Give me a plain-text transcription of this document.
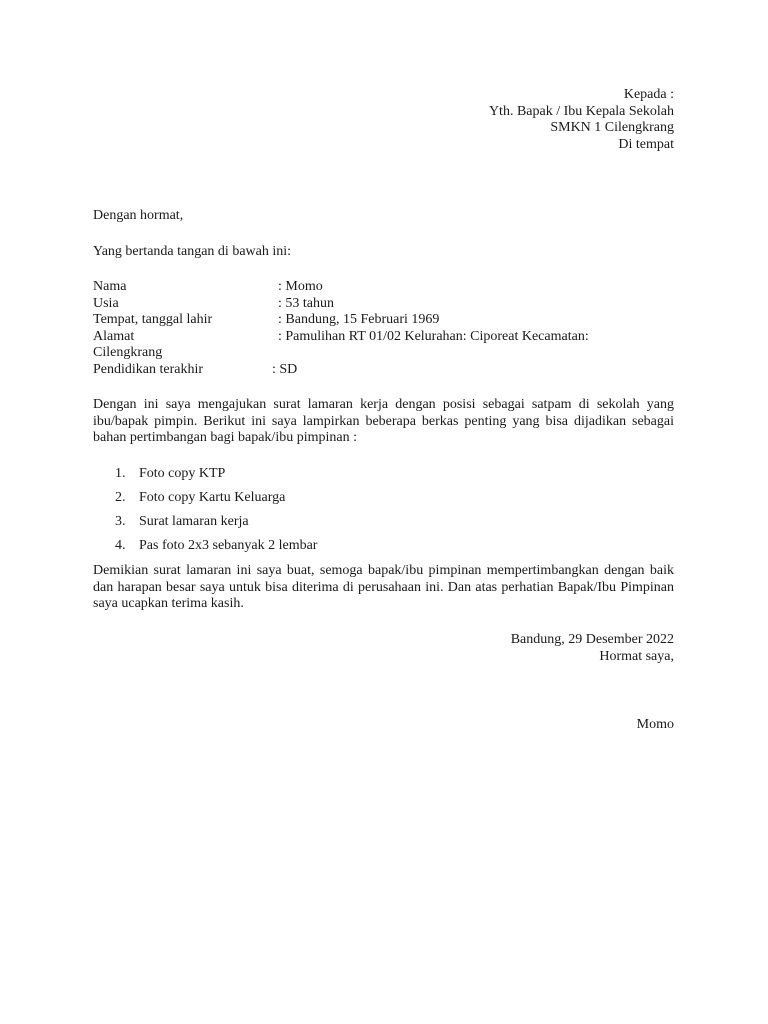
Kepada :
Yth. Bapak / Ibu Kepala Sekolah
SMKN 1 Cilengkrang
Di tempat
Dengan hormat,
Yang bertanda tangan di bawah ini:
Nama	: Momo
Usia	: 53 tahun
Tempat, tanggal lahir	: Bandung, 15 Februari 1969
Alamat	: Pamulihan RT 01/02 Kelurahan: Ciporeat Kecamatan:
Cilengkrang
Pendidikan terakhir	: SD
Dengan ini saya mengajukan surat lamaran kerja dengan posisi sebagai satpam di sekolah yang ibu/bapak pimpin. Berikut ini saya lampirkan beberapa berkas penting yang bisa dijadikan sebagai bahan pertimbangan bagi bapak/ibu pimpinan :
1. Foto copy KTP
2. Foto copy Kartu Keluarga
3. Surat lamaran kerja
4. Pas foto 2x3 sebanyak 2 lembar
Demikian surat lamaran ini saya buat, semoga bapak/ibu pimpinan mempertimbangkan dengan baik dan harapan besar saya untuk bisa diterima di perusahaan ini. Dan atas perhatian Bapak/Ibu Pimpinan saya ucapkan terima kasih.
Bandung, 29 Desember 2022
Hormat saya,
Momo
